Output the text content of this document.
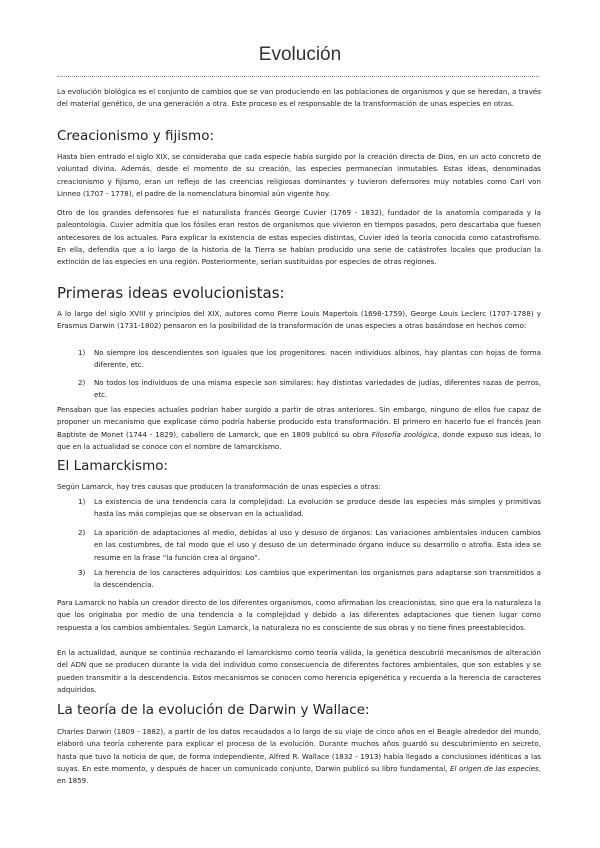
Evolución

La evolución biológica es el conjunto de cambios que se van produciendo en las poblaciones de organismos y que se heredan, a través del material genético, de una generación a otra. Este proceso es el responsable de la transformación de unas especies en otras.

Creacionismo y fijismo:

Hasta bien entrado el siglo XIX, se consideraba que cada especie había surgido por la creación directa de Dios, en un acto concreto de voluntad divina. Además, desde el momento de su creación, las especies permanecían inmutables. Estas ideas, denominadas creacionismo y fijismo, eran un reflejo de las creencias religiosas dominantes y tuvieron defensores muy notables como Carl von Linneo (1707 - 1778), el padre de la nomenclatura binomial aún vigente hoy.

Otro de los grandes defensores fue el naturalista francés George Cuvier (1769 - 1832), fundador de la anatomía comparada y la paleontología. Cuvier admitía que los fósiles eran restos de organismos que vivieron en tiempos pasados, pero descartaba que fuesen antecesores de los actuales. Para explicar la existencia de estas especies distintas, Cuvier ideó la teoría conocida como catastrofismo. En ella, defendía que a lo largo de la historia de la Tierra se habían producido una serie de catástrofes locales que producían la extinción de las especies en una región. Posteriormente, serían sustituidas por especies de otras regiones.

Primeras ideas evolucionistas:

A lo largo del siglo XVIII y principios del XIX, autores como Pierre Louis Mapertois (1698-1759), George Louis Leclerc (1707-1788) y Erasmus Darwin (1731-1802) pensaron en la posibilidad de la transformación de unas especies a otras basándose en hechos como:

1) No siempre los descendientes son iguales que los progenitores: nacen individuos albinos, hay plantas con hojas de forma diferente, etc.
2) No todos los individuos de una misma especie son similares: hay distintas variedades de judías, diferentes razas de perros, etc.

Pensaban que las especies actuales podrían haber surgido a partir de otras anteriores. Sin embargo, ninguno de ellos fue capaz de proponer un mecanismo que explicase cómo podría haberse producido esta transformación. El primero en hacerlo fue el francés Jean Baptiste de Monet (1744 - 1829), caballero de Lamarck, que en 1809 publicó su obra Filosofía zoológica, donde expuso sus ideas, lo que en la actualidad se conoce con el nombre de lamarckismo.

El Lamarckismo:

Según Lamarck, hay tres causas que producen la transformación de unas especies a otras:

1) La existencia de una tendencia cara la complejidad: La evolución se produce desde las especies más simples y primitivas hasta las más complejas que se observan en la actualidad.
2) La aparición de adaptaciones al medio, debidas al uso y desuso de órganos: Las variaciones ambientales inducen cambios en las costumbres, de tal modo que el uso y desuso de un determinado órgano induce su desarrollo o atrofia. Esta idea se resume en la frase “la función crea al órgano”.
3) La herencia de los caracteres adquiridos: Los cambios que experimentan los organismos para adaptarse son transmitidos a la descendencia.

Para Lamarck no había un creador directo de los diferentes organismos, como afirmaban los creacionistas, sino que era la naturaleza la que los originaba por medio de una tendencia a la complejidad y debido a las diferentes adaptaciones que tienen lugar como respuesta a los cambios ambientales. Según Lamarck, la naturaleza no es consciente de sus obras y no tiene fines preestablecidos.

En la actualidad, aunque se continúa rechazando el lamarckismo como teoría válida, la genética descubrió mecanismos de alteración del ADN que se producen durante la vida del individuo como consecuencia de diferentes factores ambientales, que son estables y se pueden transmitir a la descendencia. Estos mecanismos se conocen como herencia epigenética y recuerda a la herencia de caracteres adquiridos.

La teoría de la evolución de Darwin y Wallace:

Charles Darwin (1809 - 1882), a partir de los datos recaudados a lo largo de su viaje de cinco años en el Beagle alrededor del mundo, elaboró una teoría coherente para explicar el proceso de la evolución. Durante muchos años guardó su descubrimiento en secreto, hasta que tuvo la noticia de que, de forma independiente, Alfred R. Wallace (1832 - 1913) había llegado a conclusiones idénticas a las suyas. En este momento, y después de hacer un comunicado conjunto, Darwin publicó su libro fundamental, El origen de las especies, en 1859.
